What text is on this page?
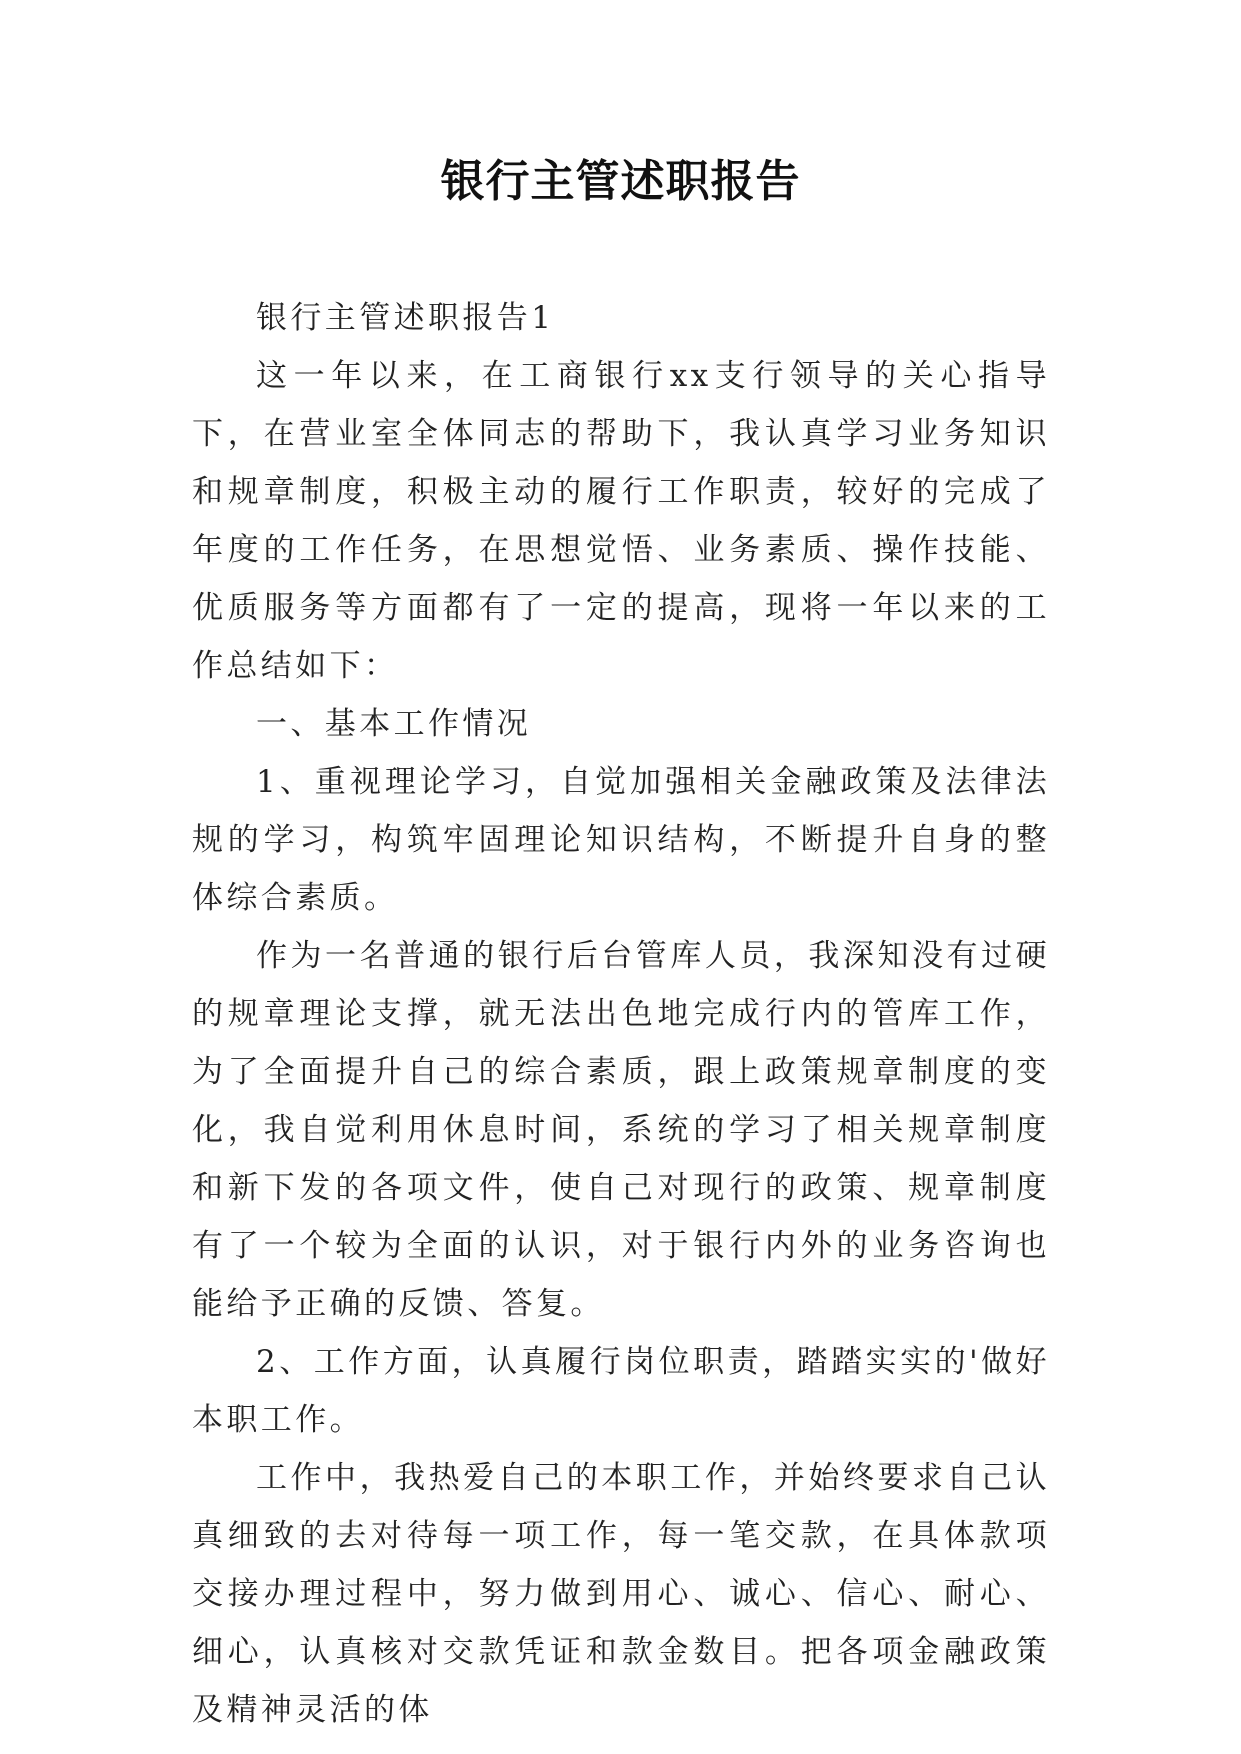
银行主管述职报告

银行主管述职报告1

这一年以来，在工商银行xx支行领导的关心指导下，在营业室全体同志的帮助下，我认真学习业务知识和规章制度，积极主动的履行工作职责，较好的完成了年度的工作任务，在思想觉悟、业务素质、操作技能、优质服务等方面都有了一定的提高，现将一年以来的工作总结如下：

一、基本工作情况

1、重视理论学习，自觉加强相关金融政策及法律法规的学习，构筑牢固理论知识结构，不断提升自身的整体综合素质。

作为一名普通的银行后台管库人员，我深知没有过硬的规章理论支撑，就无法出色地完成行内的管库工作，为了全面提升自己的综合素质，跟上政策规章制度的变化，我自觉利用休息时间，系统的学习了相关规章制度和新下发的各项文件，使自己对现行的政策、规章制度有了一个较为全面的认识，对于银行内外的业务咨询也能给予正确的反馈、答复。

2、工作方面，认真履行岗位职责，踏踏实实的'做好本职工作。

工作中，我热爱自己的本职工作，并始终要求自己认真细致的去对待每一项工作，每一笔交款，在具体款项交接办理过程中，努力做到用心、诚心、信心、耐心、细心，认真核对交款凭证和款金数目。把各项金融政策及精神灵活的体
